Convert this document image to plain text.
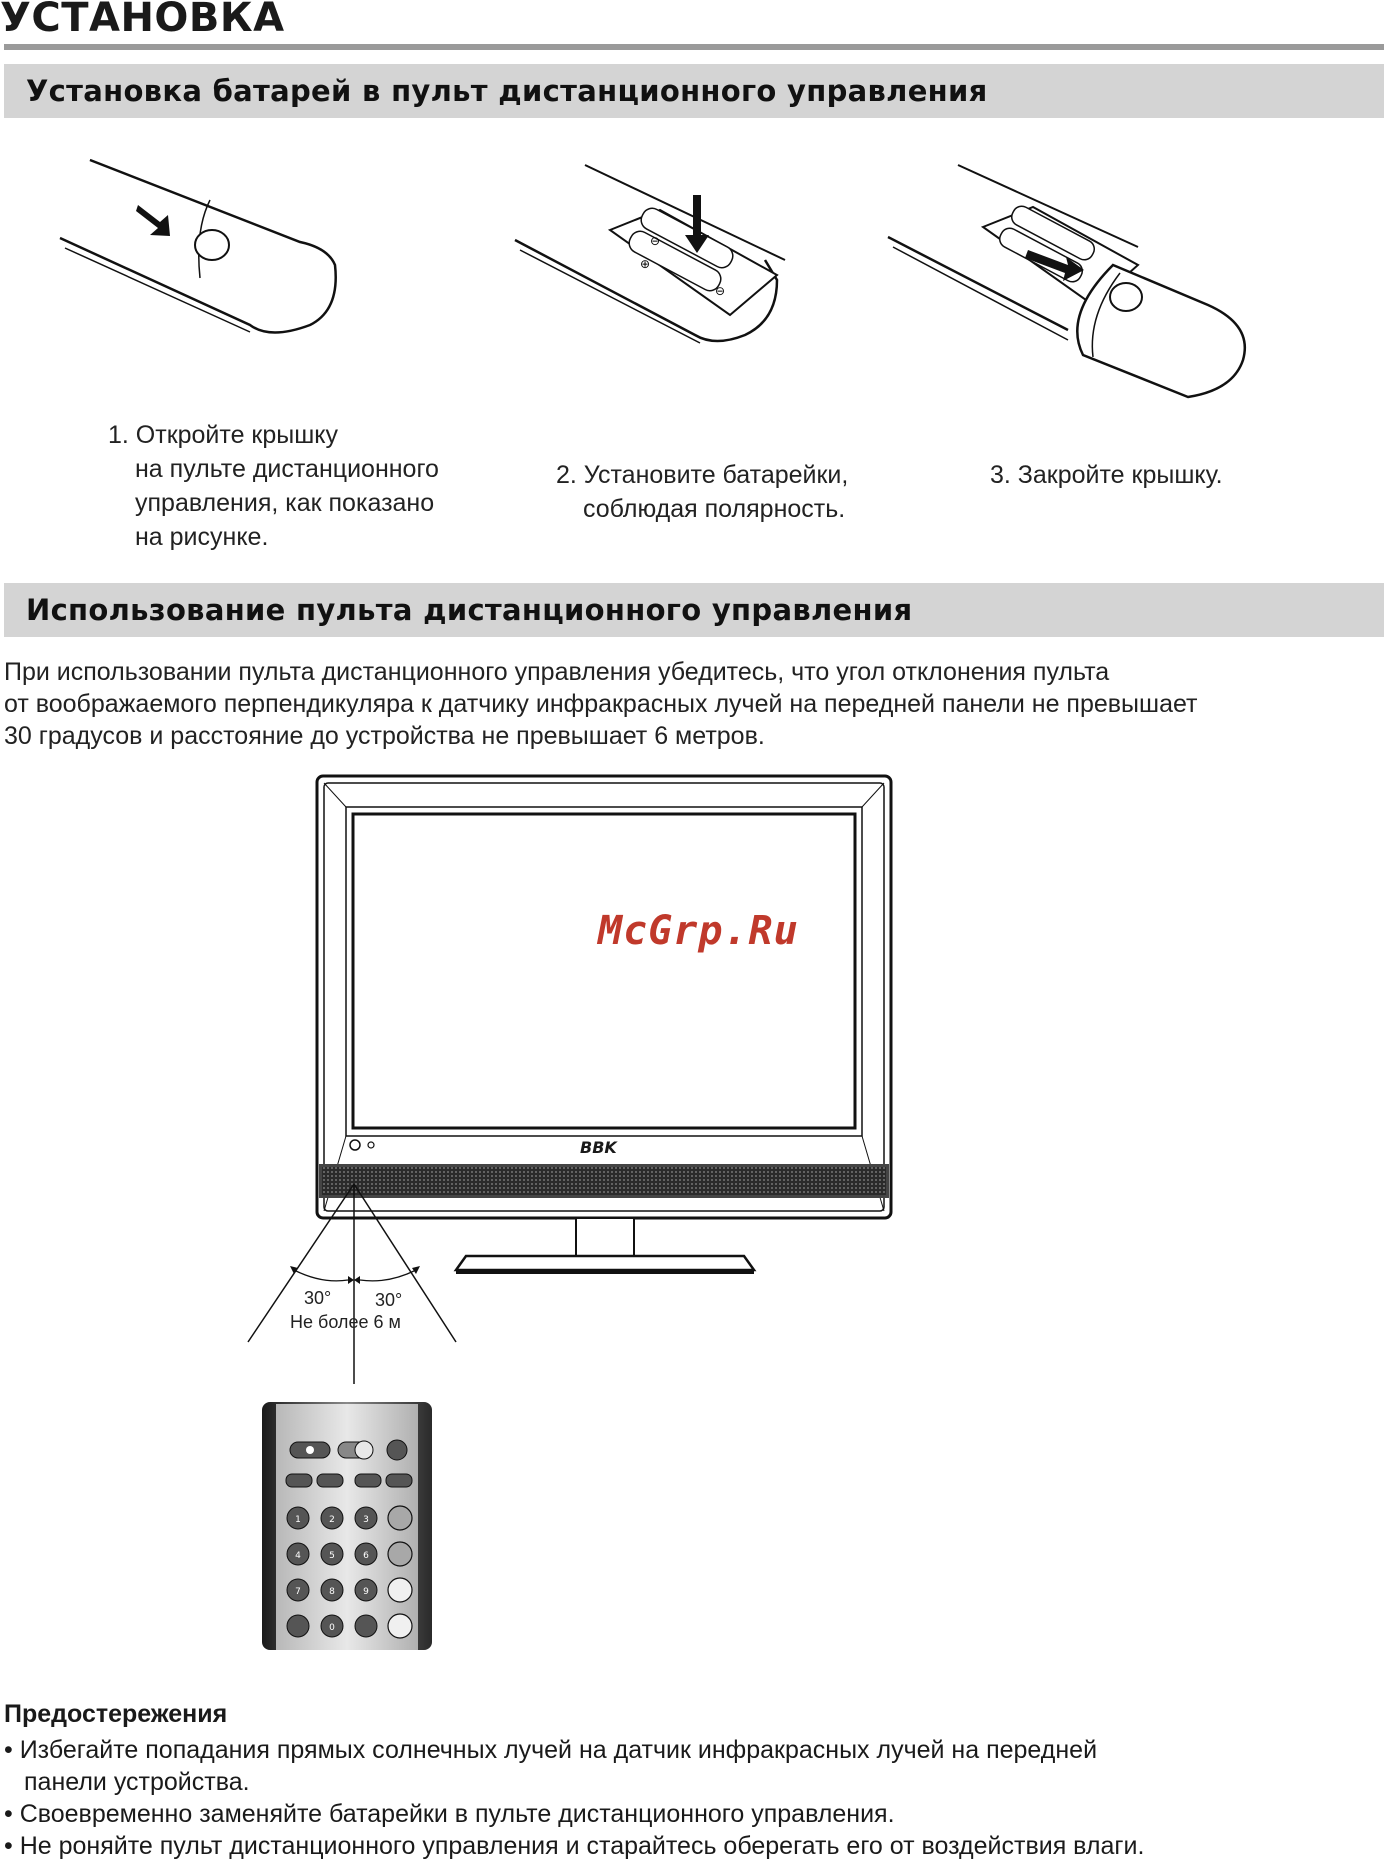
УСТАНОВКА
Установка батарей в пульт дистанционного управления
⊖
⊕
⊖
1. Откройте крышку
на пульте дистанционного
управления, как показано
на рисунке.
2. Установите батарейки,
соблюдая полярность.
3. Закройте крышку.
Использование пульта дистанционного управления
При использовании пульта дистанционного управления убедитесь, что угол отклонения пульта
от воображаемого перпендикуляра к датчику инфракрасных лучей на передней панели не превышает
30 градусов и расстояние до устройства не превышает 6 метров.
BBK
McGrp.Ru
30° 30°
Не более 6 м
1	2	3
4	5	6
7	8	9
0
Предостережения
• Избегайте попадания прямых солнечных лучей на датчик инфракрасных лучей на передней
панели устройства.
• Своевременно заменяйте батарейки в пульте дистанционного управления.
• Не роняйте пульт дистанционного управления и старайтесь оберегать его от воздействия влаги.
